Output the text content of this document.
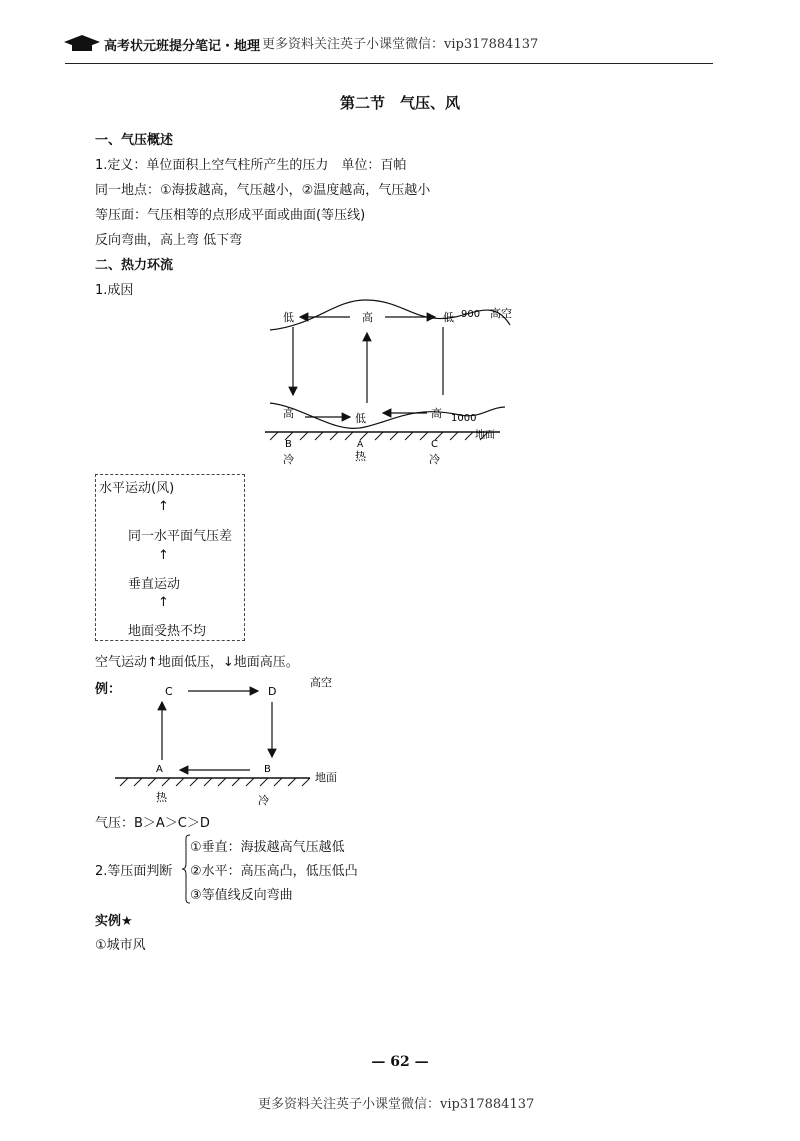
高考状元班提分笔记・地理 更多资料关注英子小课堂微信：vip317884137
第二节　气压、风
一、气压概述
1.定义：单位面积上空气柱所产生的压力　单位：百帕
同一地点：①海拔越高，气压越小，②温度越高，气压越小
等压面：气压相等的点形成平面或曲面(等压线)
反向弯曲，高上弯 低下弯
二、热力环流
1.成因
低	高	低 900 高空
高	低	高 1000
地面
B	A	C
冷	热	冷
水平运动(风)
↑
同一水平面气压差
↑
垂直运动
↑
地面受热不均
空气运动↑地面低压，↓地面高压。
例：	C	D
高空
A	B
地面
热	冷
气压：B＞A＞C＞D
2.等压面判断
①垂直：海拔越高气压越低
②水平：高压高凸，低压低凸
③等值线反向弯曲
实例★
①城市风
— 62 —
更多资料关注英子小课堂微信：vip317884137
